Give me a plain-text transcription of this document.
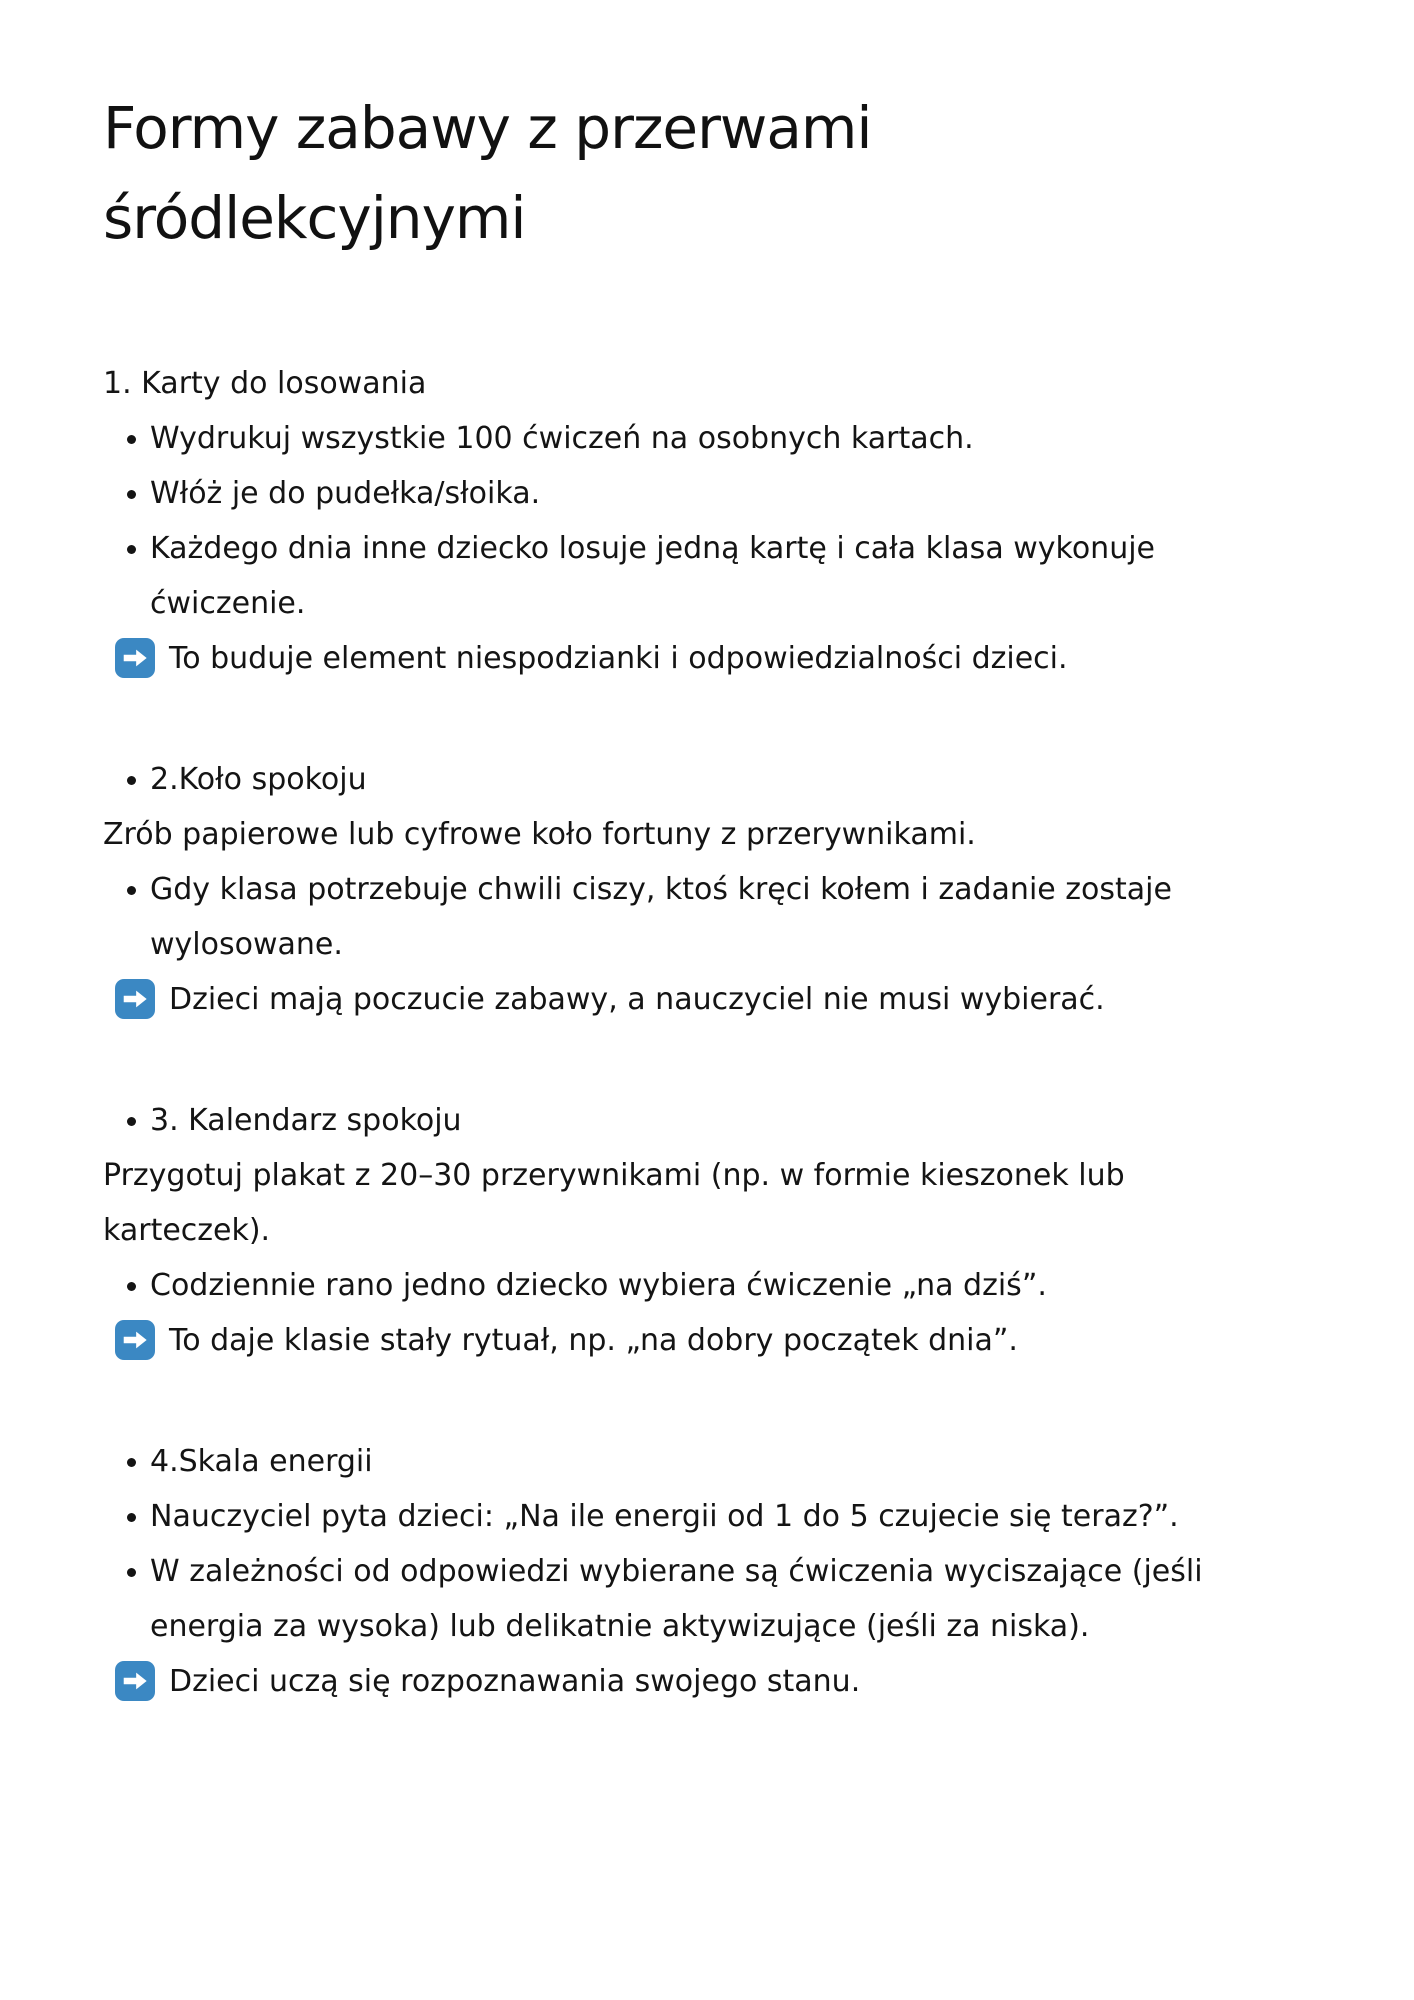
Formy zabawy z przerwami śródlekcyjnymi

1. Karty do losowania

Wydrukuj wszystkie 100 ćwiczeń na osobnych kartach.
Włóż je do pudełka/słoika.
Każdego dnia inne dziecko losuje jedną kartę i cała klasa wykonuje ćwiczenie.
To buduje element niespodzianki i odpowiedzialności dzieci.
2.Koło spokoju

Zrób papierowe lub cyfrowe koło fortuny z przerywnikami.

Gdy klasa potrzebuje chwili ciszy, ktoś kręci kołem i zadanie zostaje wylosowane.
Dzieci mają poczucie zabawy, a nauczyciel nie musi wybierać.
3. Kalendarz spokoju

Przygotuj plakat z 20–30 przerywnikami (np. w formie kieszonek lub karteczek).

Codziennie rano jedno dziecko wybiera ćwiczenie „na dziś”.
To daje klasie stały rytuał, np. „na dobry początek dnia”.
4.Skala energii
Nauczyciel pyta dzieci: „Na ile energii od 1 do 5 czujecie się teraz?”.
W zależności od odpowiedzi wybierane są ćwiczenia wyciszające (jeśli energia za wysoka) lub delikatnie aktywizujące (jeśli za niska).
Dzieci uczą się rozpoznawania swojego stanu.
